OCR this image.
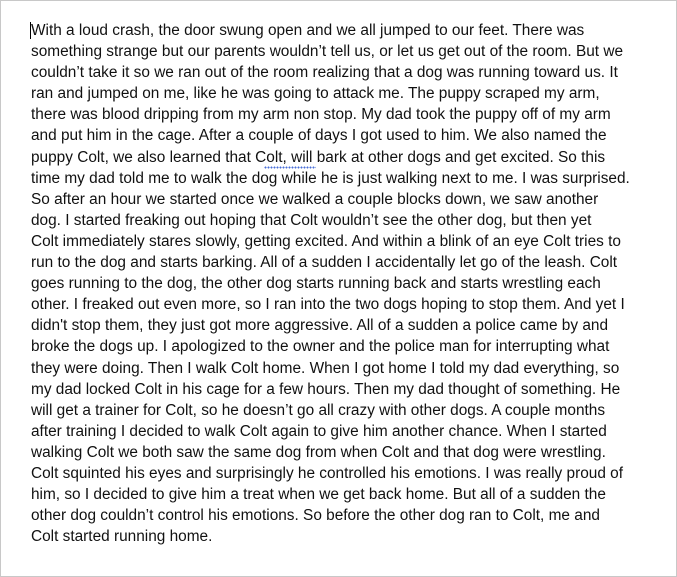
With a loud crash, the door swung open and we all jumped to our feet. There was
something strange but our parents wouldn’t tell us, or let us get out of the room. But we
couldn’t take it so we ran out of the room realizing that a dog was running toward us. It
ran and jumped on me, like he was going to attack me. The puppy scraped my arm,
there was blood dripping from my arm non stop. My dad took the puppy off of my arm
and put him in the cage. After a couple of days I got used to him. We also named the
puppy Colt, we also learned that Colt, will bark at other dogs and get excited. So this
time my dad told me to walk the dog while he is just walking next to me. I was surprised.
So after an hour we started once we walked a couple blocks down, we saw another
dog. I started freaking out hoping that Colt wouldn’t see the other dog, but then yet
Colt immediately stares slowly, getting excited. And within a blink of an eye Colt tries to
run to the dog and starts barking. All of a sudden I accidentally let go of the leash. Colt
goes running to the dog, the other dog starts running back and starts wrestling each
other. I freaked out even more, so I ran into the two dogs hoping to stop them. And yet I
didn't stop them, they just got more aggressive. All of a sudden a police came by and
broke the dogs up. I apologized to the owner and the police man for interrupting what
they were doing. Then I walk Colt home. When I got home I told my dad everything, so
my dad locked Colt in his cage for a few hours. Then my dad thought of something. He
will get a trainer for Colt, so he doesn’t go all crazy with other dogs. A couple months
after training I decided to walk Colt again to give him another chance. When I started
walking Colt we both saw the same dog from when Colt and that dog were wrestling.
Colt squinted his eyes and surprisingly he controlled his emotions. I was really proud of
him, so I decided to give him a treat when we get back home. But all of a sudden the
other dog couldn’t control his emotions. So before the other dog ran to Colt, me and
Colt started running home.
